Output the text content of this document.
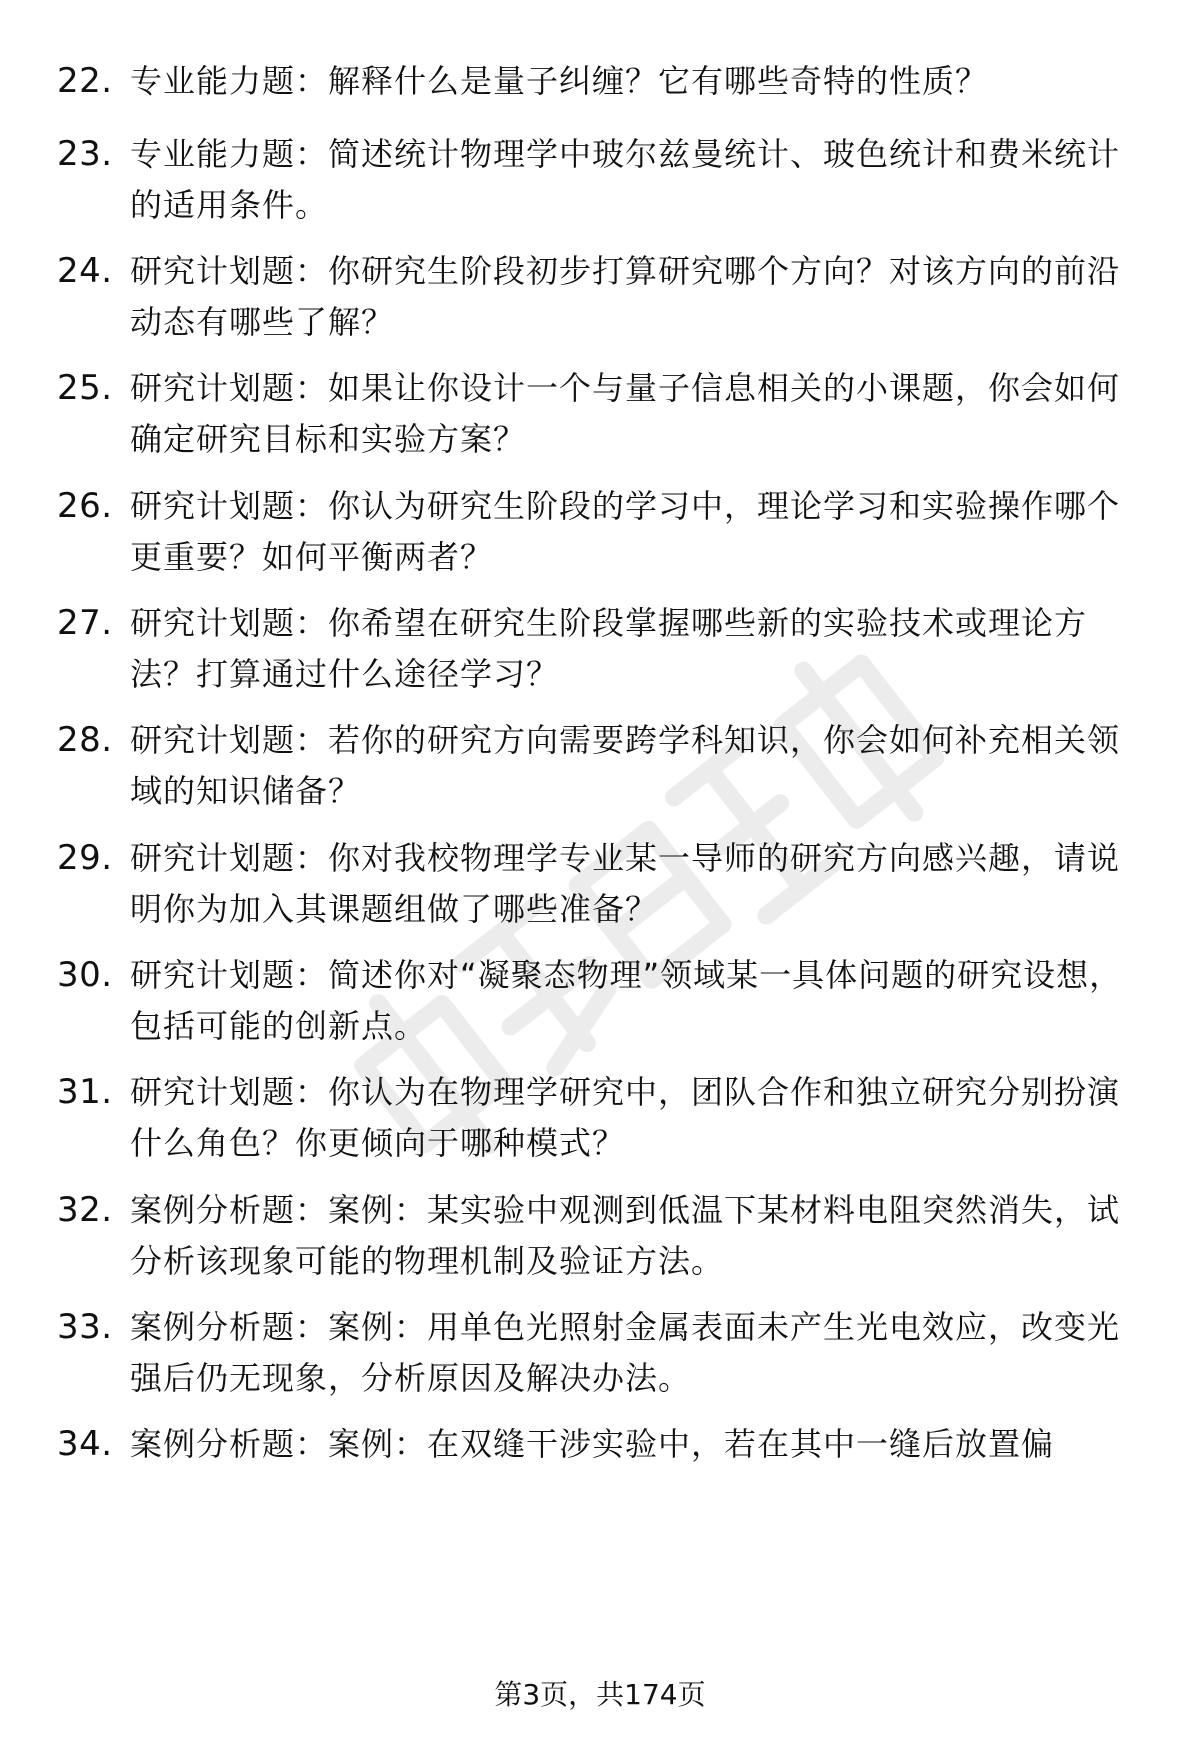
22. 专业能力题：解释什么是量子纠缠？它有哪些奇特的性质？
23. 专业能力题：简述统计物理学中玻尔兹曼统计、玻色统计和费米统计的适用条件。
24. 研究计划题：你研究生阶段初步打算研究哪个方向？对该方向的前沿动态有哪些了解？
25. 研究计划题：如果让你设计一个与量子信息相关的小课题，你会如何确定研究目标和实验方案？
26. 研究计划题：你认为研究生阶段的学习中，理论学习和实验操作哪个更重要？如何平衡两者？
27. 研究计划题：你希望在研究生阶段掌握哪些新的实验技术或理论方法？打算通过什么途径学习？
28. 研究计划题：若你的研究方向需要跨学科知识，你会如何补充相关领域的知识储备？
29. 研究计划题：你对我校物理学专业某一导师的研究方向感兴趣，请说明你为加入其课题组做了哪些准备？
30. 研究计划题：简述你对“凝聚态物理”领域某一具体问题的研究设想，包括可能的创新点。
31. 研究计划题：你认为在物理学研究中，团队合作和独立研究分别扮演什么角色？你更倾向于哪种模式？
32. 案例分析题：案例：某实验中观测到低温下某材料电阻突然消失，试分析该现象可能的物理机制及验证方法。
33. 案例分析题：案例：用单色光照射金属表面未产生光电效应，改变光强后仍无现象，分析原因及解决办法。
34. 案例分析题：案例：在双缝干涉实验中，若在其中一缝后放置偏
第3页，共174页
